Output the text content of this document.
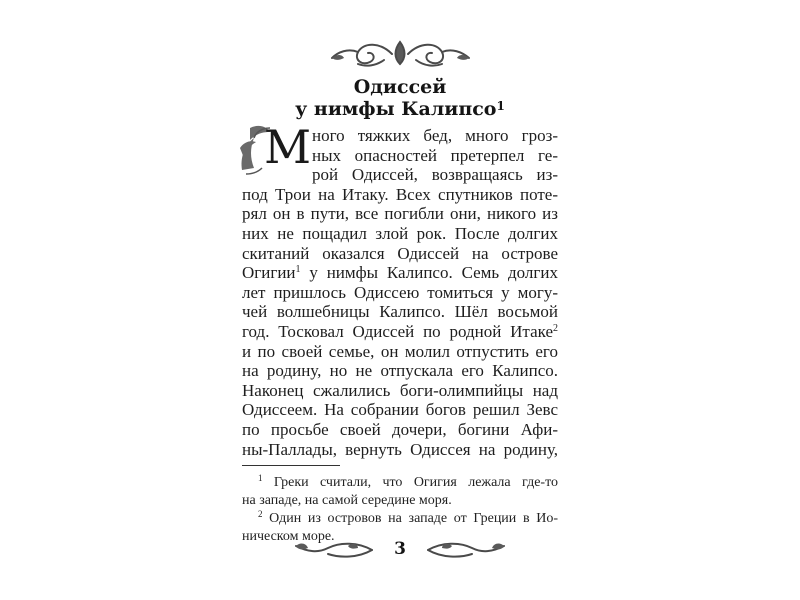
Одиссей
у нимфы Калипсо$^1$
М ного тяжких бед, много гроз-
ных опасностей претерпел ге-
рой Одиссей, возвращаясь из-
под Трои на Итаку. Всех спутников поте-
рял он в пути, все погибли они, никого из
них не пощадил злой рок. После долгих
скитаний оказался Одиссей на острове
Огигии$^1$ у нимфы Калипсо. Семь долгих
лет пришлось Одиссею томиться у могу-
чей волшебницы Калипсо. Шёл восьмой
год. Тосковал Одиссей по родной Итаке$^2$
и по своей семье, он молил отпустить его
на родину, но не отпускала его Калипсо.
Наконец сжалились боги-олимпийцы над
Одиссеем. На собрании богов решил Зевс
$^1$ Греки считали, что Огигия лежала где-то
на западе, на самой середине моря.
$^2$ Один из островов на западе от Греции в Ио-
ническом море.
3
по просьбе своей дочери, богини Афи-
ны-Паллады, вернуть Одиссея на родину,
